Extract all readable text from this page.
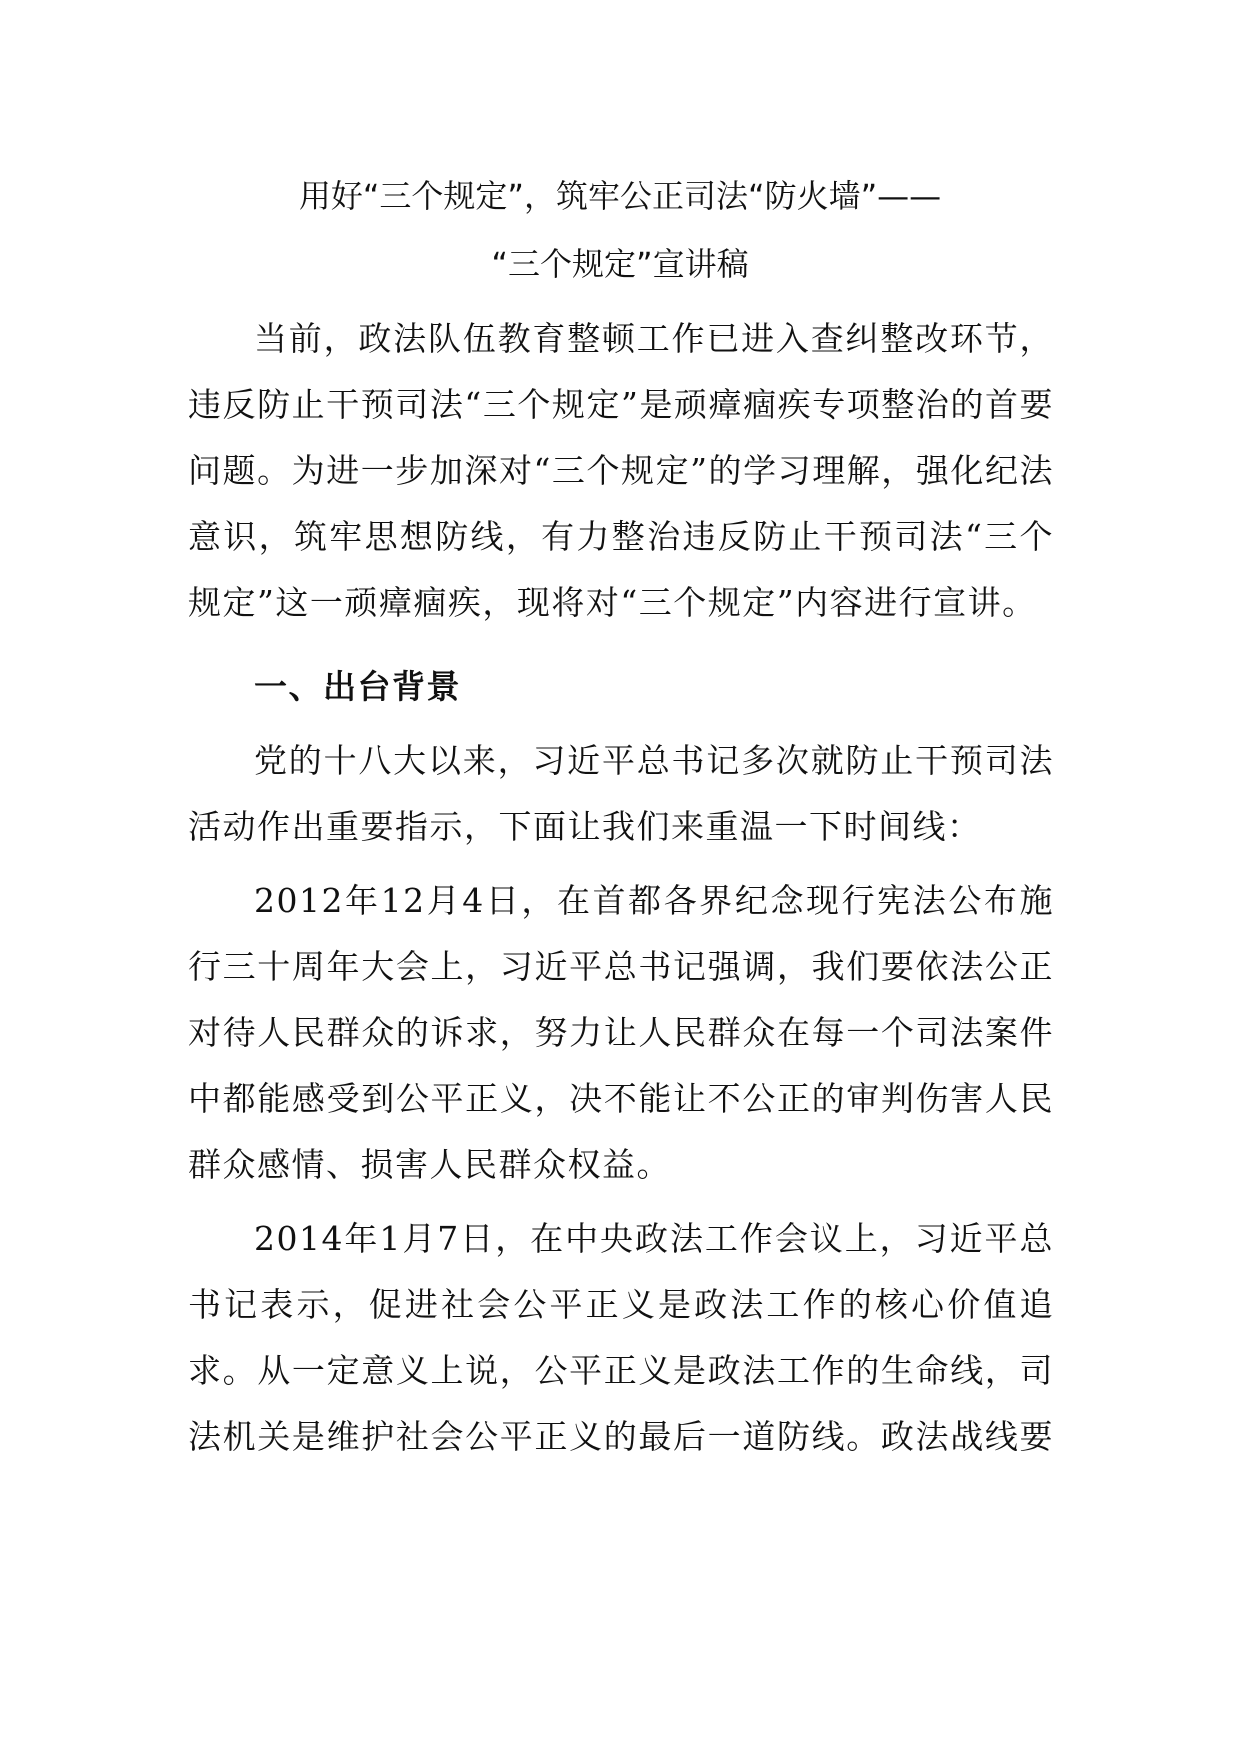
用好“三个规定”，筑牢公正司法“防火墙”——
“三个规定”宣讲稿

当前，政法队伍教育整顿工作已进入查纠整改环节，违反防止干预司法“三个规定”是顽瘴痼疾专项整治的首要问题。为进一步加深对“三个规定”的学习理解，强化纪法意识，筑牢思想防线，有力整治违反防止干预司法“三个规定”这一顽瘴痼疾，现将对“三个规定”内容进行宣讲。

一、出台背景

党的十八大以来，习近平总书记多次就防止干预司法活动作出重要指示，下面让我们来重温一下时间线：

2012年12月4日，在首都各界纪念现行宪法公布施行三十周年大会上，习近平总书记强调，我们要依法公正对待人民群众的诉求，努力让人民群众在每一个司法案件中都能感受到公平正义，决不能让不公正的审判伤害人民群众感情、损害人民群众权益。

2014年1月7日，在中央政法工作会议上，习近平总书记表示，促进社会公平正义是政法工作的核心价值追求。从一定意义上说，公平正义是政法工作的生命线，司法机关是维护社会公平正义的最后一道防线。政法战线要
